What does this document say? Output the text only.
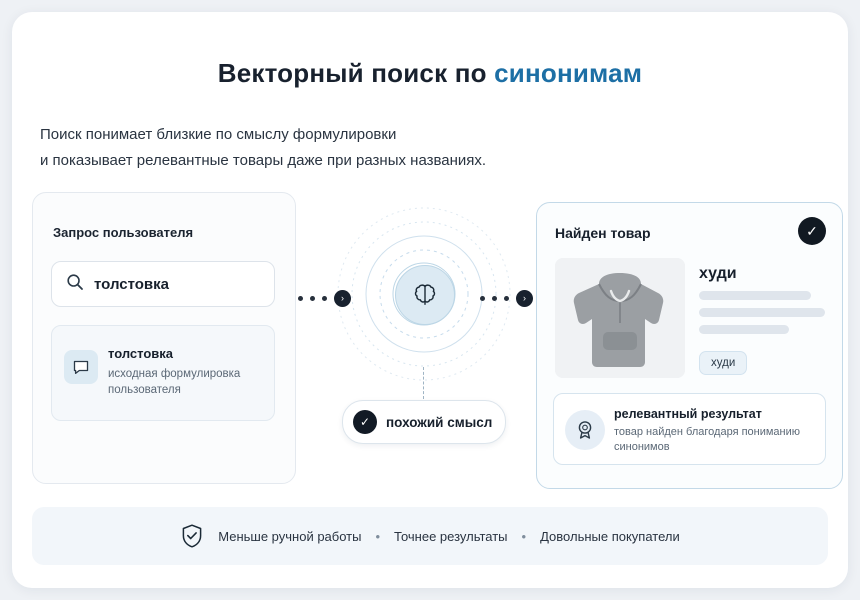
Векторный поиск по синонимам
Поиск понимает близкие по смыслу формулировки
и показывает релевантные товары даже при разных названиях.
Запрос пользователя
толстовка
толстовка
исходная формулировка
пользователя
›	›
✓	похожий смысл
Найден товар	✓
худи
худи
релевантный результат
товар найден благодаря пониманию
синонимов
Меньше ручной работы • Точнее результаты • Довольные покупатели
